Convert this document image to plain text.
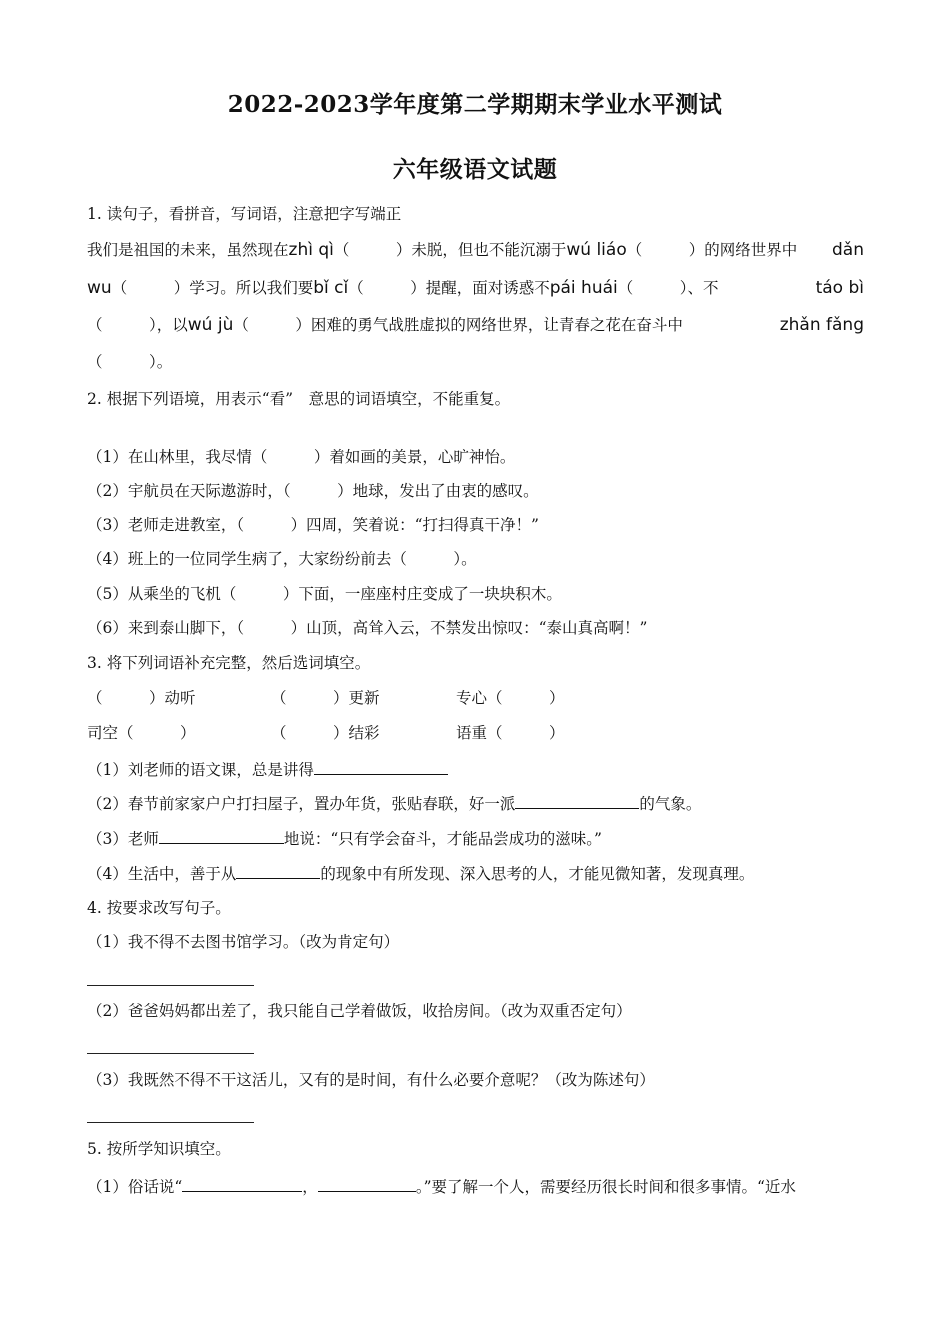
2022-2023学年度第二学期期末学业水平测试
六年级语文试题
1. 读句子，看拼音，写词语，注意把字写端正
我们是祖国的未来，虽然现在zhì qì（　　　）未脱，但也不能沉溺于wú liáo（　　　）的网络世界中 dǎn
wu（　　　）学习。所以我们要bǐ cǐ（　　　）提醒，面对诱惑不pái huái（　　　）、不	táo bì
（　　　），以wú jù（　　　）困难的勇气战胜虚拟的网络世界，让青春之花在奋斗中	zhǎn fǎng
（　　　）。
2. 根据下列语境，用表示“看”　意思的词语填空，不能重复。
（1）在山林里，我尽情（　　　）着如画的美景，心旷神怡。
（2）宇航员在天际遨游时，（　　　）地球，发出了由衷的感叹。
（3）老师走进教室，（　　　）四周，笑着说：“打扫得真干净！”
（4）班上的一位同学生病了，大家纷纷前去（　　　）。
（5）从乘坐的飞机（　　　）下面，一座座村庄变成了一块块积木。
（6）来到泰山脚下，（　　　）山顶，高耸入云，不禁发出惊叹：“泰山真高啊！”
3. 将下列词语补充完整，然后选词填空。
（　　　）动听	（　　　）更新	专心（　　　）
司空（　　　）	（　　　）结彩	语重（　　　）
（1）刘老师的语文课，总是讲得
（2）春节前家家户户打扫屋子，置办年货，张贴春联，好一派	的气象。
（3）老师	地说：“只有学会奋斗，才能品尝成功的滋味。”
（4）生活中，善于从	的现象中有所发现、深入思考的人，才能见微知著，发现真理。
4. 按要求改写句子。
（1）我不得不去图书馆学习。（改为肯定句）
（2）爸爸妈妈都出差了，我只能自己学着做饭，收拾房间。（改为双重否定句）
（3）我既然不得不干这活儿，又有的是时间，有什么必要介意呢？（改为陈述句）
5. 按所学知识填空。
（1）俗话说“	，	。”要了解一个人，需要经历很长时间和很多事情。“近水
